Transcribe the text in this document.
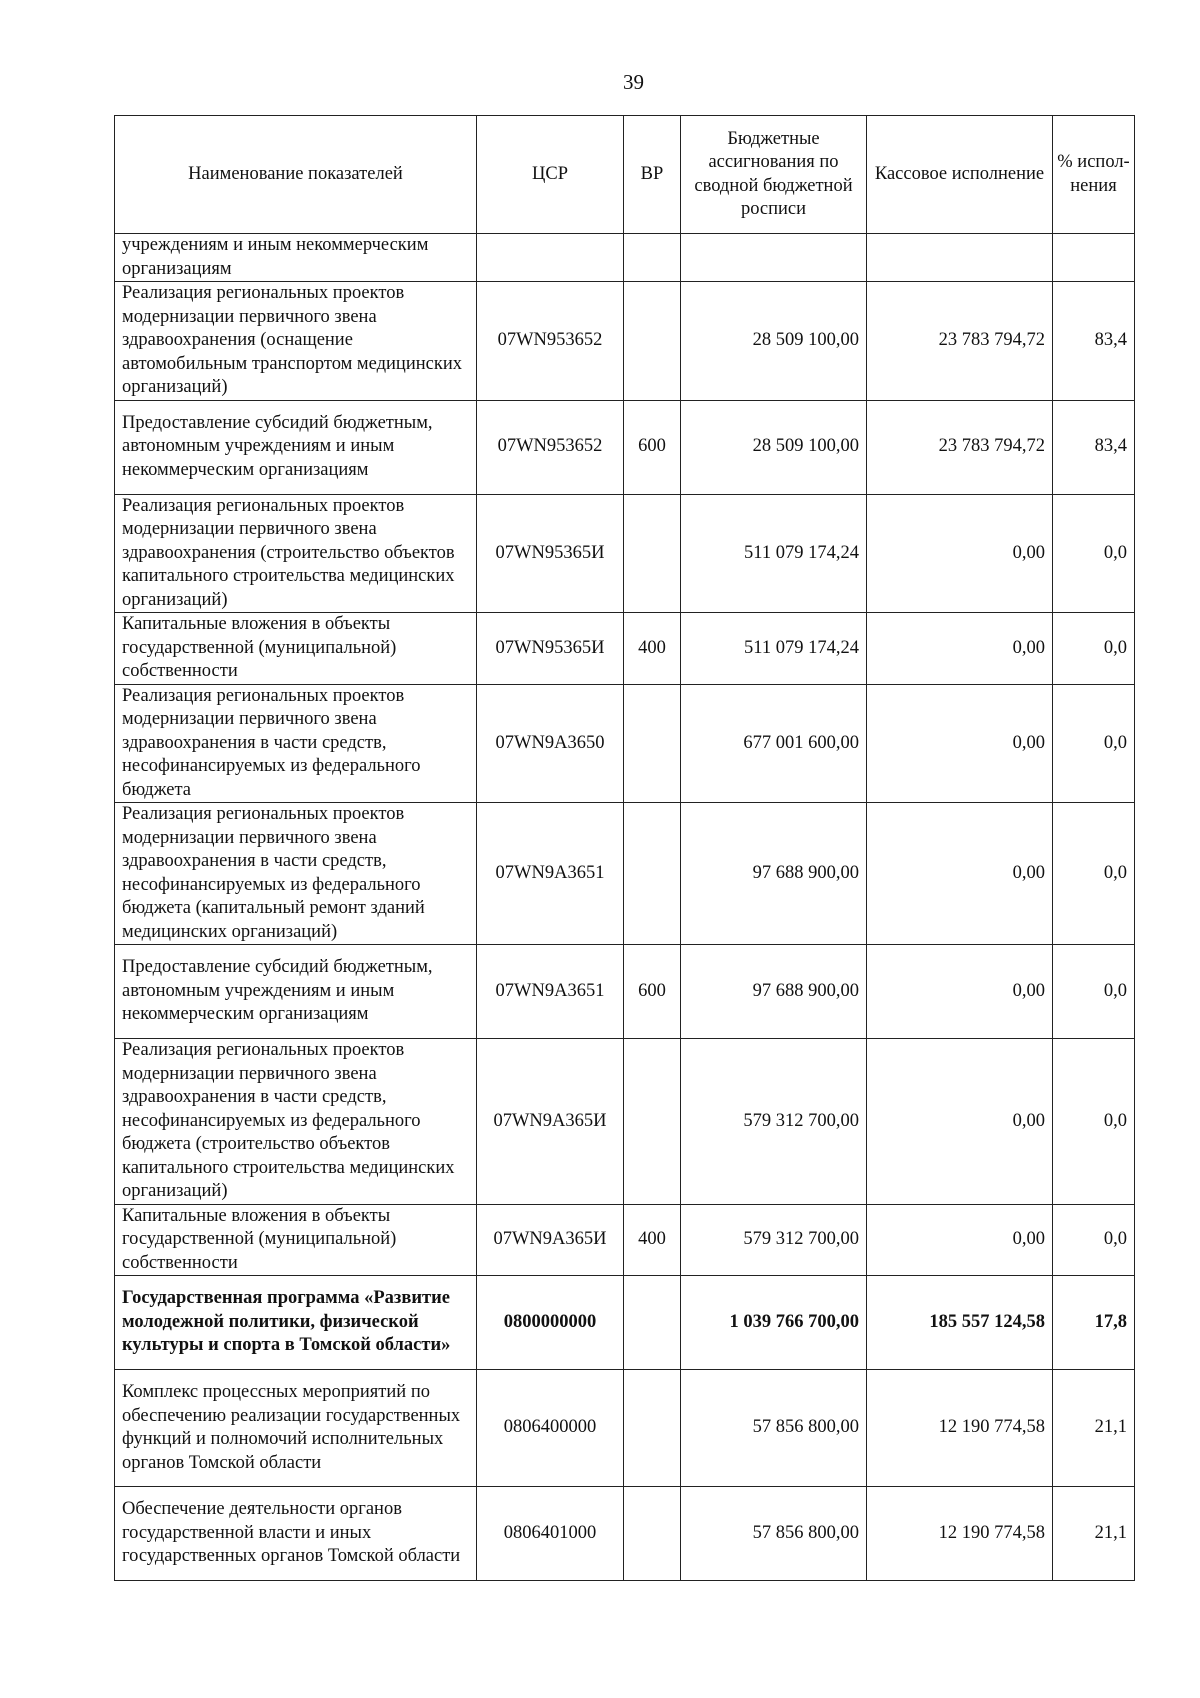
39
Наименование показателей	ЦСР	ВР	Бюджетные ассигнования по сводной бюджетной росписи	Кассовое исполнение	% испол-нения
учреждениям и иным некоммерческим организациям					
Реализация региональных проектов модернизации первичного звена здравоохранения (оснащение автомобильным транспортом медицинских организаций)	07WN953652		28 509 100,00	23 783 794,72	83,4
Предоставление субсидий бюджетным, автономным учреждениям и иным некоммерческим организациям	07WN953652	600	28 509 100,00	23 783 794,72	83,4
Реализация региональных проектов модернизации первичного звена здравоохранения (строительство объектов капитального строительства медицинских организаций)	07WN95365И		511 079 174,24	0,00	0,0
Капитальные вложения в объекты государственной (муниципальной) собственности	07WN95365И	400	511 079 174,24	0,00	0,0
Реализация региональных проектов модернизации первичного звена здравоохранения в части средств, несофинансируемых из федерального бюджета	07WN9A3650		677 001 600,00	0,00	0,0
Реализация региональных проектов модернизации первичного звена здравоохранения в части средств, несофинансируемых из федерального бюджета (капитальный ремонт зданий медицинских организаций)	07WN9A3651		97 688 900,00	0,00	0,0
Предоставление субсидий бюджетным, автономным учреждениям и иным некоммерческим организациям	07WN9A3651	600	97 688 900,00	0,00	0,0
Реализация региональных проектов модернизации первичного звена здравоохранения в части средств, несофинансируемых из федерального бюджета (строительство объектов капитального строительства медицинских организаций)	07WN9A365И		579 312 700,00	0,00	0,0
Капитальные вложения в объекты государственной (муниципальной) собственности	07WN9A365И	400	579 312 700,00	0,00	0,0
Государственная программа «Развитие молодежной политики, физической культуры и спорта в Томской области»	0800000000		1 039 766 700,00	185 557 124,58	17,8
Комплекс процессных мероприятий по обеспечению реализации государственных функций и полномочий исполнительных органов Томской области	0806400000		57 856 800,00	12 190 774,58	21,1
Обеспечение деятельности органов государственной власти и иных государственных органов Томской области	0806401000		57 856 800,00	12 190 774,58	21,1
